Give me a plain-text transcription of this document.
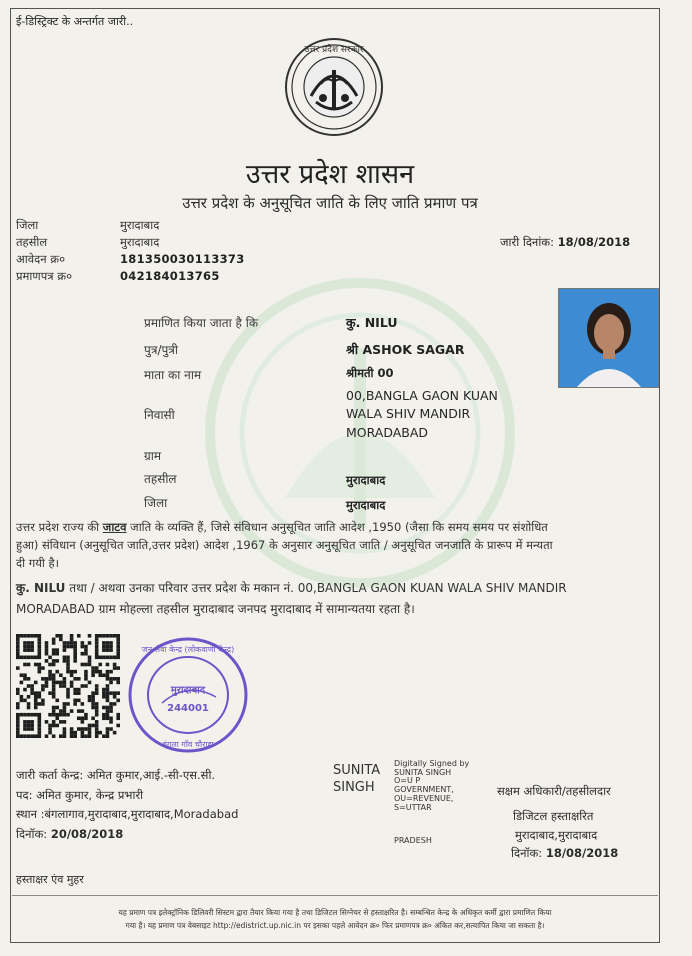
ई-डिस्ट्रिक्ट के अन्तर्गत जारी..
उत्तर प्रदेश सरकार
उत्तर प्रदेश शासन
उत्तर प्रदेश के अनुसूचित जाति के लिए जाति प्रमाण पत्र
जिला	मुरादाबाद
तहसील	मुरादाबाद
आवेदन क्र०	181350030113373
प्रमाणपत्र क्र०	042184013765
जारी दिनांक: 18/08/2018
प्रमाणित किया जाता है कि	कु. NILU
पुत्र/पुत्री	श्री ASHOK SAGAR
माता का नाम	श्रीमती 00
00,BANGLA GAON KUAN
निवासी	WALA SHIV MANDIR
MORADABAD
ग्राम
तहसील	मुरादाबाद
जिला	मुरादाबाद
उत्तर प्रदेश राज्य की जाटव जाति के व्यक्ति हैं, जिसे संविधान अनुसूचित जाति आदेश ,1950 (जैसा कि समय समय पर संशोधित
हुआ) संविधान (अनुसूचित जाति,उत्तर प्रदेश) आदेश ,1967 के अनुसार अनुसूचित जाति / अनुसूचित जनजाति के प्रारूप में मन्यता
दी गयी है।
कु. NILU तथा / अथवा उनका परिवार उत्तर प्रदेश के मकान नं. 00,BANGLA GAON KUAN WALA SHIV MANDIR
MORADABAD ग्राम मोहल्ला तहसील मुरादाबाद जनपद मुरादाबाद में सामान्यतया रहता है।
जन सेवा केन्द्र (लोकवाणी केन्द्र)
बंगला गाँव चौराहा
मुरादाबाद
244001
जारी कर्ता केन्द्र: अमित कुमार,आई.-सी-एस.सी.
पद: अमित कुमार, केन्द्र प्रभारी
स्थान :बंगलागाव,मुरादाबाद,मुरादाबाद,Moradabad
दिनॉक: 20/08/2018
SUNITA
SINGH
Digitally Signed by
SUNITA SINGH
O=U P
GOVERNMENT,
OU=REVENUE,
S=UTTAR
PRADESH
सक्षम अधिकारी/तहसीलदार
डिजिटल हस्ताक्षरित
मुरादाबाद,मुरादाबाद
दिनॉक: 18/08/2018
हस्ताक्षर एंव मुहर
यह प्रमाण पत्र इलेक्ट्रॉनिक डिलिवरी सिस्टम द्वारा तैयार किया गया है तथा डिजिटल सिग्नेचर से हस्ताक्षरित है। सम्बन्धित केन्द्र के अधिकृत कर्मी द्वारा प्रमाणित किया
गया है। यह प्रमाण पत्र वेबसाइट http://edistrict.up.nic.in पर इसका पहले आवेदन क्र० फिर प्रमाणपत्र क्र० अंकित कर,सत्यापित किया जा सकता है।
